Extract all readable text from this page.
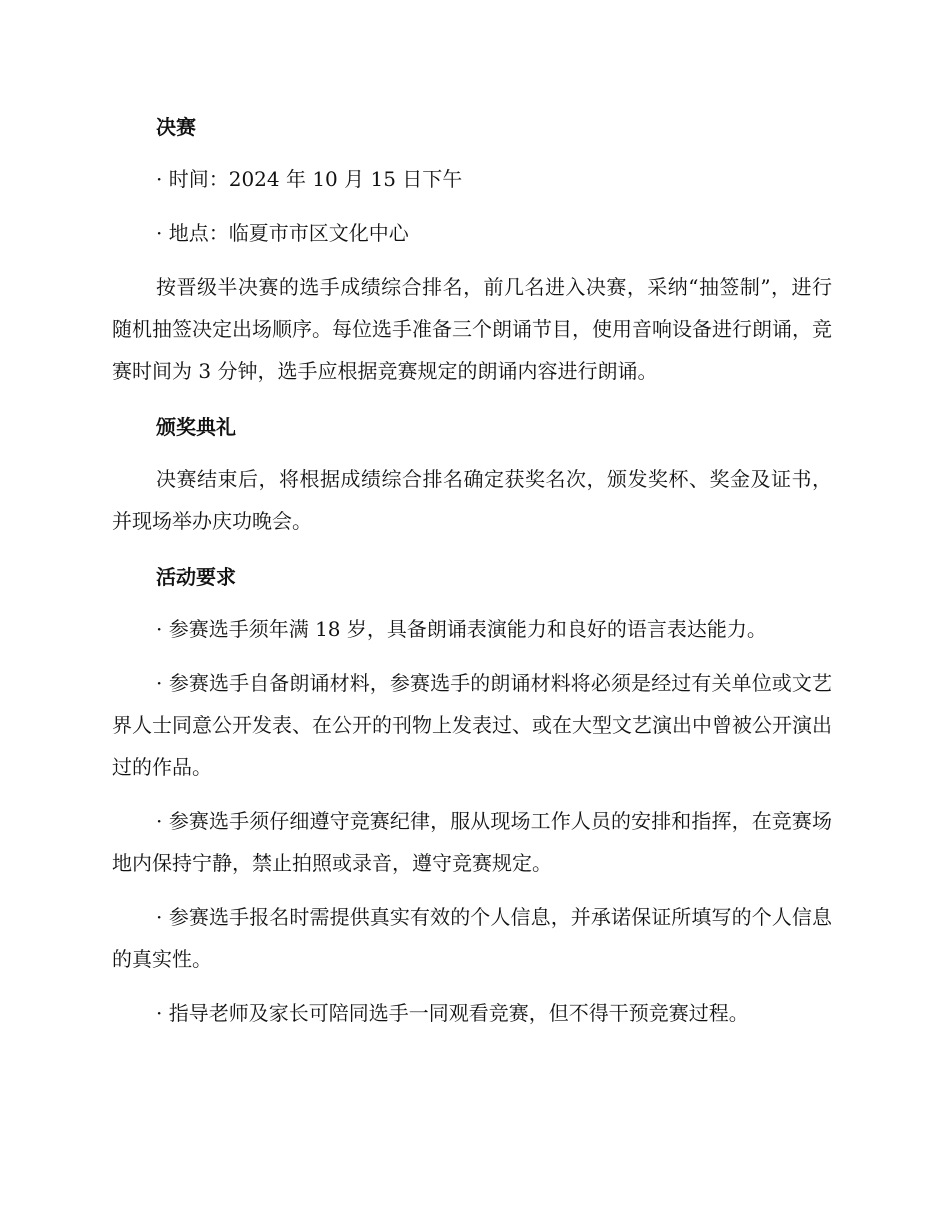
决赛
· 时间：2024 年 10 月 15 日下午
· 地点：临夏市市区文化中心
按晋级半决赛的选手成绩综合排名，前几名进入决赛，采纳“抽签制”，进行随机抽签决定出场顺序。每位选手准备三个朗诵节目，使用音响设备进行朗诵，竞赛时间为 3 分钟，选手应根据竞赛规定的朗诵内容进行朗诵。
颁奖典礼
决赛结束后，将根据成绩综合排名确定获奖名次，颁发奖杯、奖金及证书，并现场举办庆功晚会。
活动要求
· 参赛选手须年满 18 岁，具备朗诵表演能力和良好的语言表达能力。
· 参赛选手自备朗诵材料，参赛选手的朗诵材料将必须是经过有关单位或文艺界人士同意公开发表、在公开的刊物上发表过、或在大型文艺演出中曾被公开演出过的作品。
· 参赛选手须仔细遵守竞赛纪律，服从现场工作人员的安排和指挥，在竞赛场地内保持宁静，禁止拍照或录音，遵守竞赛规定。
· 参赛选手报名时需提供真实有效的个人信息，并承诺保证所填写的个人信息的真实性。
· 指导老师及家长可陪同选手一同观看竞赛，但不得干预竞赛过程。
